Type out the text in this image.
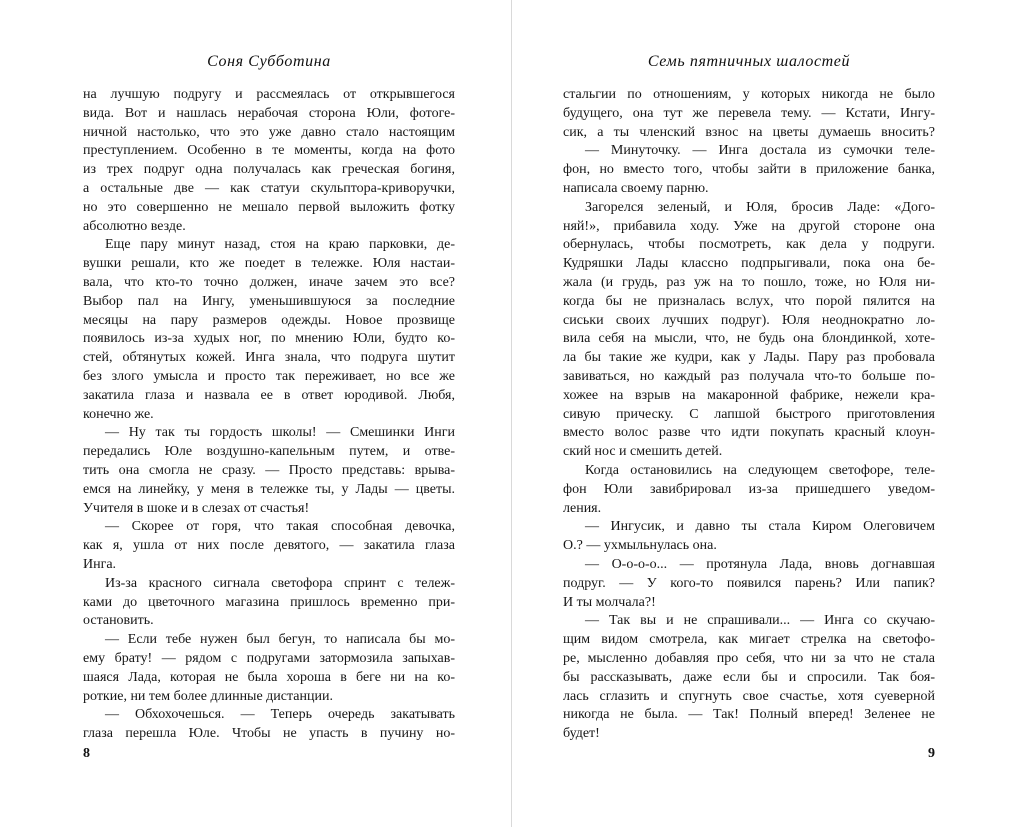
Соня Субботина
на лучшую подругу и рассмеялась от открывшегося
вида. Вот и нашлась нерабочая сторона Юли, фотоге-
ничной настолько, что это уже давно стало настоящим
преступлением. Особенно в те моменты, когда на фото
из трех подруг одна получалась как греческая богиня,
а остальные две — как статуи скульптора-криворучки,
но это совершенно не мешало первой выложить фотку
абсолютно везде.
Еще пару минут назад, стоя на краю парковки, де-
вушки решали, кто же поедет в тележке. Юля настаи-
вала, что кто-то точно должен, иначе зачем это все?
Выбор пал на Ингу, уменьшившуюся за последние
месяцы на пару размеров одежды. Новое прозвище
появилось из-за худых ног, по мнению Юли, будто ко-
стей, обтянутых кожей. Инга знала, что подруга шутит
без злого умысла и просто так переживает, но все же
закатила глаза и назвала ее в ответ юродивой. Любя,
конечно же.
— Ну так ты гордость школы! — Смешинки Инги
передались Юле воздушно-капельным путем, и отве-
тить она смогла не сразу. — Просто представь: врыва-
емся на линейку, у меня в тележке ты, у Лады — цветы.
Учителя в шоке и в слезах от счастья!
— Скорее от горя, что такая способная девочка,
как я, ушла от них после девятого, — закатила глаза
Инга.
Из-за красного сигнала светофора спринт с тележ-
ками до цветочного магазина пришлось временно при-
остановить.
— Если тебе нужен был бегун, то написала бы мо-
ему брату! — рядом с подругами затормозила запыхав-
шаяся Лада, которая не была хороша в беге ни на ко-
роткие, ни тем более длинные дистанции.
— Обхохочешься. — Теперь очередь закатывать
глаза перешла Юле. Чтобы не упасть в пучину но-
8
Семь пятничных шалостей
стальгии по отношениям, у которых никогда не было
будущего, она тут же перевела тему. — Кстати, Ингу-
сик, а ты членский взнос на цветы думаешь вносить?
— Минуточку. — Инга достала из сумочки теле-
фон, но вместо того, чтобы зайти в приложение банка,
написала своему парню.
Загорелся зеленый, и Юля, бросив Ладе: «Дого-
няй!», прибавила ходу. Уже на другой стороне она
обернулась, чтобы посмотреть, как дела у подруги.
Кудряшки Лады классно подпрыгивали, пока она бе-
жала (и грудь, раз уж на то пошло, тоже, но Юля ни-
когда бы не призналась вслух, что порой пялится на
сиськи своих лучших подруг). Юля неоднократно ло-
вила себя на мысли, что, не будь она блондинкой, хоте-
ла бы такие же кудри, как у Лады. Пару раз пробовала
завиваться, но каждый раз получала что-то больше по-
хожее на взрыв на макаронной фабрике, нежели кра-
сивую прическу. С лапшой быстрого приготовления
вместо волос разве что идти покупать красный клоун-
ский нос и смешить детей.
Когда остановились на следующем светофоре, теле-
фон Юли завибрировал из-за пришедшего уведом-
ления.
— Ингусик, и давно ты стала Киром Олеговичем
О.? — ухмыльнулась она.
— О-о-о-о... — протянула Лада, вновь догнавшая
подруг. — У кого-то появился парень? Или папик?
И ты молчала?!
— Так вы и не спрашивали... — Инга со скучаю-
щим видом смотрела, как мигает стрелка на светофо-
ре, мысленно добавляя про себя, что ни за что не стала
бы рассказывать, даже если бы и спросили. Так боя-
лась сглазить и спугнуть свое счастье, хотя суеверной
никогда не была. — Так! Полный вперед! Зеленее не
будет!
9
